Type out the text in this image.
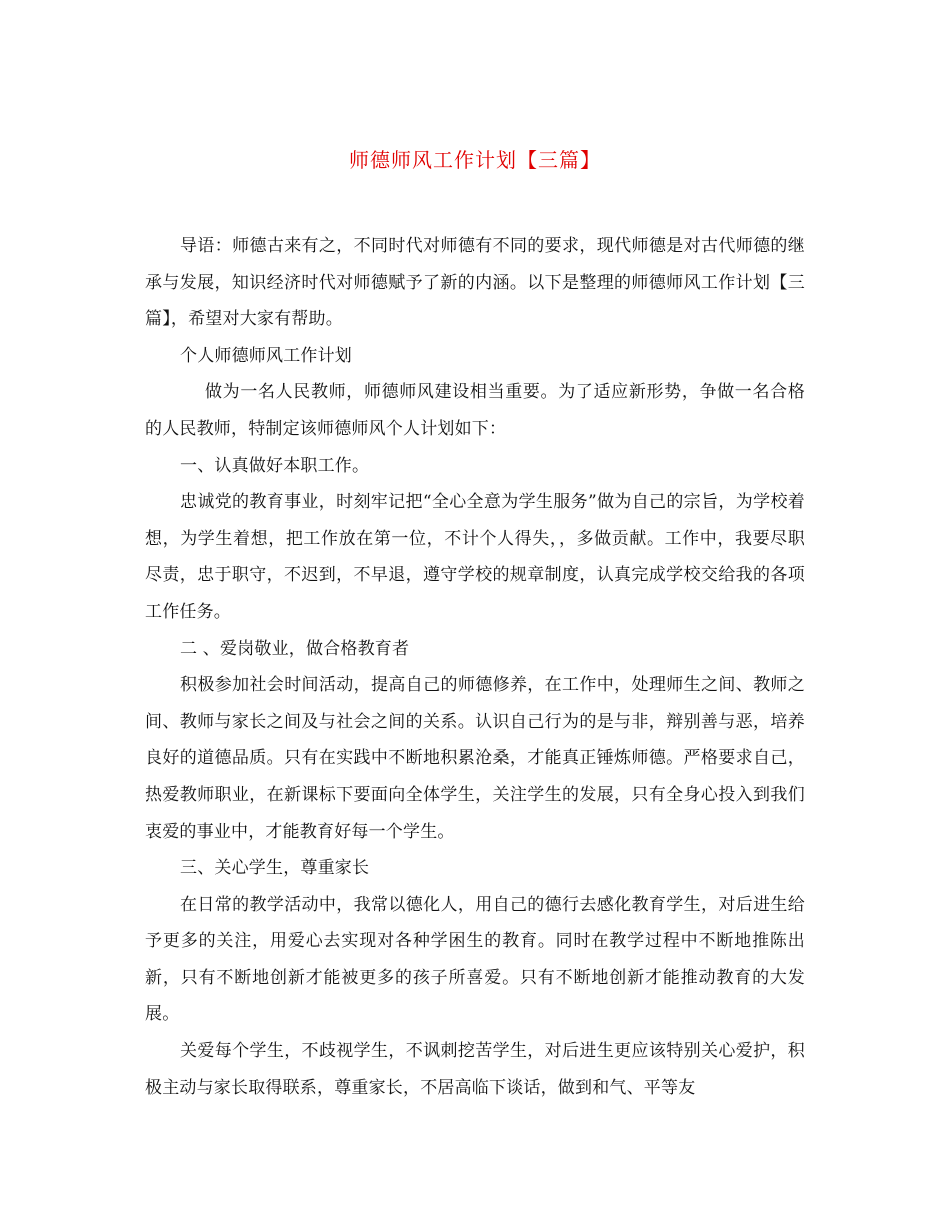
师德师风工作计划【三篇】

导语：师德古来有之，不同时代对师德有不同的要求，现代师德是对古代师德的继承与发展，知识经济时代对师德赋予了新的内涵。以下是整理的师德师风工作计划【三篇】，希望对大家有帮助。

个人师德师风工作计划

做为一名人民教师，师德师风建设相当重要。为了适应新形势，争做一名合格的人民教师，特制定该师德师风个人计划如下：

一、认真做好本职工作。

忠诚党的教育事业，时刻牢记把“全心全意为学生服务”做为自己的宗旨，为学校着想，为学生着想，把工作放在第一位，不计个人得失，，多做贡献。工作中，我要尽职尽责，忠于职守，不迟到，不早退，遵守学校的规章制度，认真完成学校交给我的各项工作任务。

二 、爱岗敬业，做合格教育者

积极参加社会时间活动，提高自己的师德修养，在工作中，处理师生之间、教师之间、教师与家长之间及与社会之间的关系。认识自己行为的是与非，辩别善与恶，培养良好的道德品质。只有在实践中不断地积累沧桑，才能真正锤炼师德。严格要求自己，热爱教师职业，在新课标下要面向全体学生，关注学生的发展，只有全身心投入到我们衷爱的事业中，才能教育好每一个学生。

三、关心学生，尊重家长

在日常的教学活动中，我常以德化人，用自己的德行去感化教育学生，对后进生给予更多的关注，用爱心去实现对各种学困生的教育。同时在教学过程中不断地推陈出新，只有不断地创新才能被更多的孩子所喜爱。只有不断地创新才能推动教育的大发展。

关爱每个学生，不歧视学生，不讽刺挖苦学生，对后进生更应该特别关心爱护，积极主动与家长取得联系，尊重家长，不居高临下谈话，做到和气、平等友
